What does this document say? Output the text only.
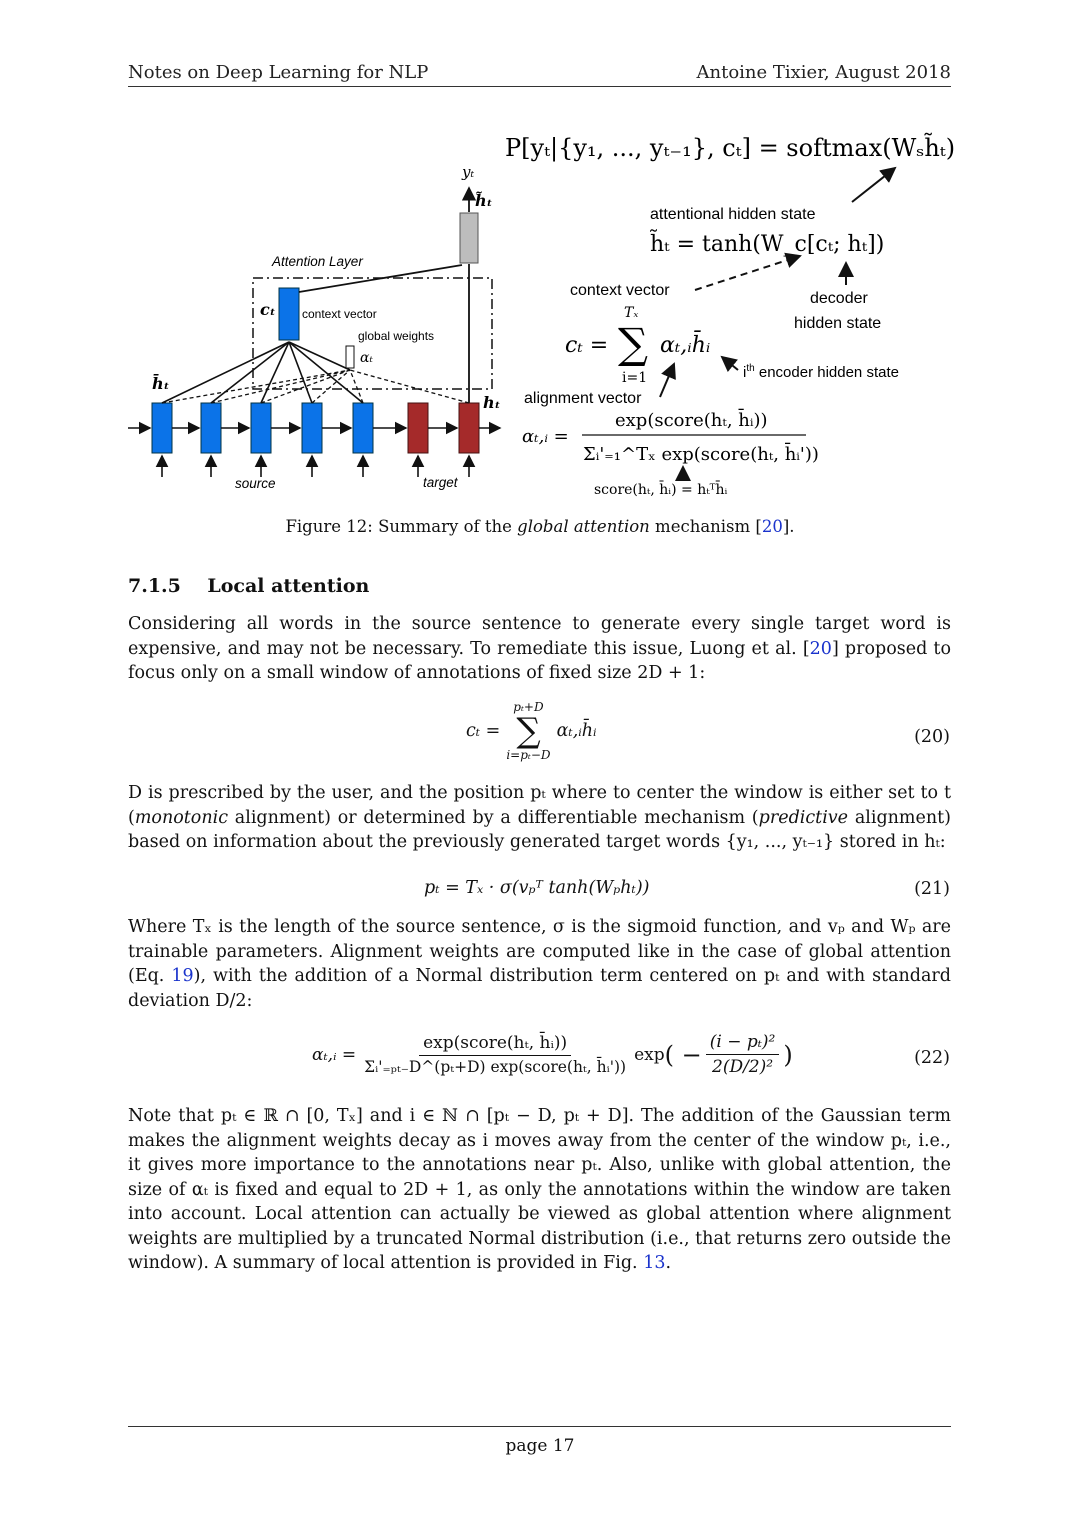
Notes on Deep Learning for NLP	Antoine Tixier, August 2018
P[yₜ|{y₁, ..., yₜ₋₁}, cₜ] = softmax(Wₛh̃ₜ)
attentional hidden state
h̃ₜ = tanh(W_c[cₜ; hₜ])
context vector	decoder
hidden state
cₜ =
Tₓ
∑
i=1
αₜ,ᵢh̄ᵢ
$i^{th}$ encoder hidden state
alignment vector
αₜ,ᵢ =
exp(score(hₜ, h̄ᵢ))
Σᵢ'₌₁^Tₓ exp(score(hₜ, h̄ᵢ'))
score(hₜ, h̄ᵢ) = hₜᵀh̄ᵢ
Attention Layer
yₜ
h̃ₜ
cₜ context vector
global weights
αₜ
h̄ₜ
hₜ
source	target
Figure 12: Summary of the global attention mechanism [20].
7.1.5 Local attention
Considering all words in the source sentence to generate every single target word is expensive, and may not be necessary. To remediate this issue, Luong et al. [20] proposed to focus only on a small window of annotations of fixed size 2D + 1:
cₜ =
pₜ+D
∑
i=pₜ−D
αₜ,ᵢh̄ᵢ	(20)
D is prescribed by the user, and the position pₜ where to center the window is either set to t (monotonic alignment) or determined by a differentiable mechanism (predictive alignment) based on information about the previously generated target words {y₁, ..., yₜ₋₁} stored in hₜ:
pₜ = Tₓ · σ(vₚᵀ tanh(Wₚhₜ))	(21)
Where Tₓ is the length of the source sentence, σ is the sigmoid function, and vₚ and Wₚ are trainable parameters. Alignment weights are computed like in the case of global attention (Eq. 19), with the addition of a Normal distribution term centered on pₜ and with standard deviation D/2:
αₜ,ᵢ = $\frac{\text{exp(score(hₜ, h̄ᵢ))}}{\text{Σᵢ'₌ₚₜ₋D\textasciicircum{}(pₜ+D) exp(score(hₜ, h̄ᵢ'))}}$ exp ( − $\frac{\text{(i − pₜ)²}}{\text{2(D/2)²}}$ )	(22)
Note that pₜ ∈ ℝ ∩ [0, Tₓ] and i ∈ ℕ ∩ [pₜ − D, pₜ + D]. The addition of the Gaussian term makes the alignment weights decay as i moves away from the center of the window pₜ, i.e., it gives more importance to the annotations near pₜ. Also, unlike with global attention, the size of αₜ is fixed and equal to 2D + 1, as only the annotations within the window are taken into account. Local attention can actually be viewed as global attention where alignment weights are multiplied by a truncated Normal distribution (i.e., that returns zero outside the window). A summary of local attention is provided in Fig. 13.
page 17
